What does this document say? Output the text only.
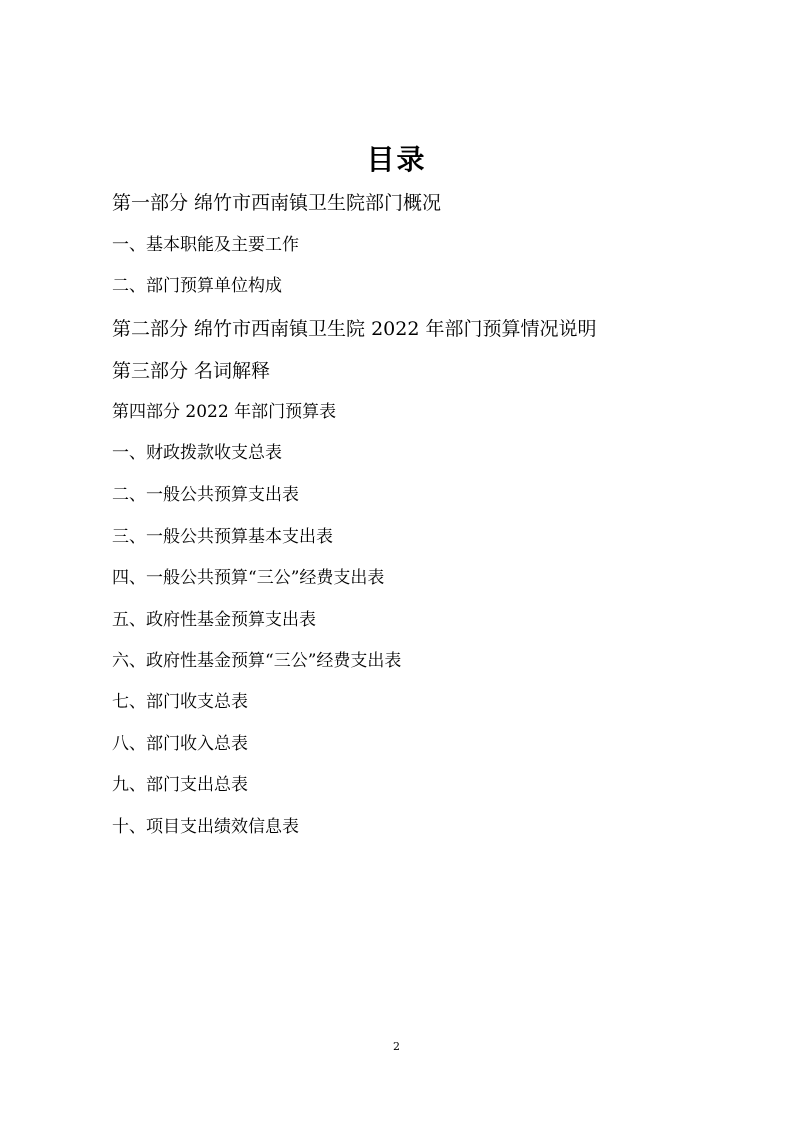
目录
第一部分 绵竹市西南镇卫生院部门概况
一、基本职能及主要工作
二、部门预算单位构成
第二部分 绵竹市西南镇卫生院 2022 年部门预算情况说明
第三部分 名词解释
第四部分 2022 年部门预算表
一、财政拨款收支总表
二、一般公共预算支出表
三、一般公共预算基本支出表
四、一般公共预算“三公”经费支出表
五、政府性基金预算支出表
六、政府性基金预算“三公”经费支出表
七、部门收支总表
八、部门收入总表
九、部门支出总表
十、项目支出绩效信息表
2
